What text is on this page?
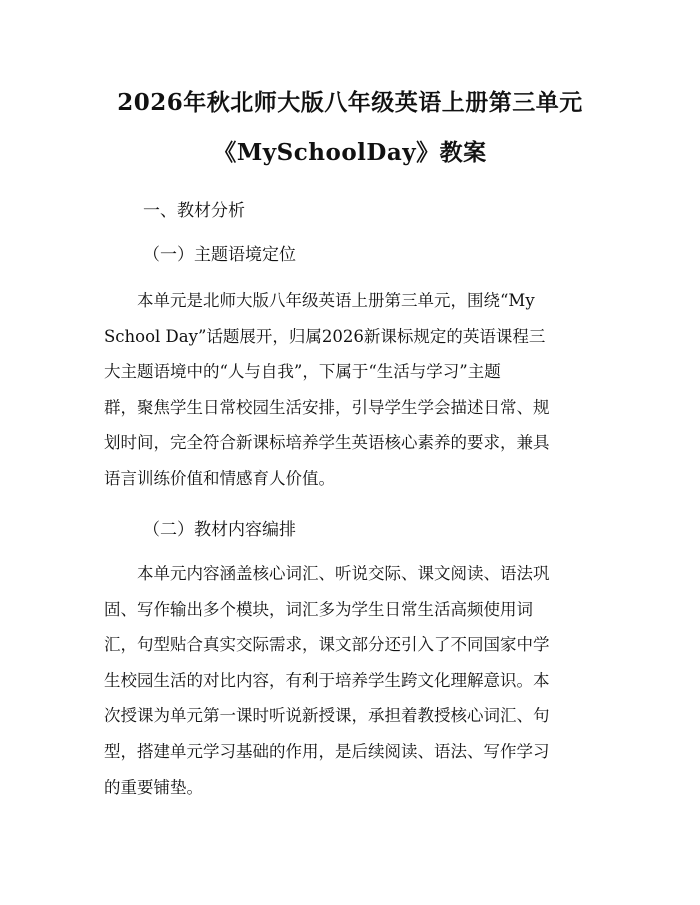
2026年秋北师大版八年级英语上册第三单元
《MySchoolDay》教案
一、教材分析
（一）主题语境定位
本单元是北师大版八年级英语上册第三单元，围绕“My
School Day”话题展开，归属2026新课标规定的英语课程三
大主题语境中的“人与自我”，下属于“生活与学习”主题
群，聚焦学生日常校园生活安排，引导学生学会描述日常、规
划时间，完全符合新课标培养学生英语核心素养的要求，兼具
语言训练价值和情感育人价值。
（二）教材内容编排
本单元内容涵盖核心词汇、听说交际、课文阅读、语法巩
固、写作输出多个模块，词汇多为学生日常生活高频使用词
汇，句型贴合真实交际需求，课文部分还引入了不同国家中学
生校园生活的对比内容，有利于培养学生跨文化理解意识。本
次授课为单元第一课时听说新授课，承担着教授核心词汇、句
型，搭建单元学习基础的作用，是后续阅读、语法、写作学习
的重要铺垫。
